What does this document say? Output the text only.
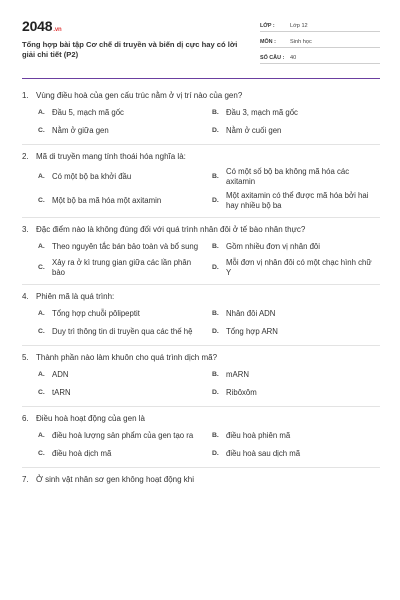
2048.vn
Tổng hợp bài tập Cơ chế di truyền và biến dị cực hay có lời giải chi tiết (P2)
LỚP :	Lớp 12
MÔN :	Sinh học
SỐ CÂU :	40
1. Vùng điều hoà của gen cấu trúc nằm ở vị trí nào của gen?
A. Đầu 5, mạch mã gốc	B. Đầu 3, mạch mã gốc
C. Nằm ở giữa gen	D. Nằm ở cuối gen
2. Mã di truyền mang tính thoái hóa nghĩa là:
A. Có một bộ ba khởi đầu	B.
Có một số bộ ba không mã hóa các axitamin
C. Một bộ ba mã hóa một axitamin	D.
Một axitamin có thể được mã hóa bởi hai hay nhiều bộ ba
3. Đặc điểm nào là không đúng đối với quá trình nhân đôi ở tế bào nhân thực?
A. Theo nguyên tắc bán bảo toàn và bổ sung	B. Gồm nhiều đơn vị nhân đôi
C.
Xảy ra ở kì trung gian giữa các lần phân bào
D.
Mỗi đơn vị nhân đôi có một chạc hình chữ Y
4. Phiên mã là quá trình:
A. Tổng hợp chuỗi pôlipeptit	B. Nhân đôi ADN
C. Duy trì thông tin di truyền qua các thế hệ	D. Tổng hợp ARN
5. Thành phần nào làm khuôn cho quá trình dịch mã?
A. ADN	B. mARN
C. tARN	D. Ribôxôm
6. Điều hoà hoạt động của gen là
A. điều hoà lượng sản phẩm của gen tạo ra	B. điều hoà phiên mã
C. điều hoà dịch mã	D. điều hoà sau dịch mã
7. Ở sinh vật nhân sơ gen không hoạt động khi
